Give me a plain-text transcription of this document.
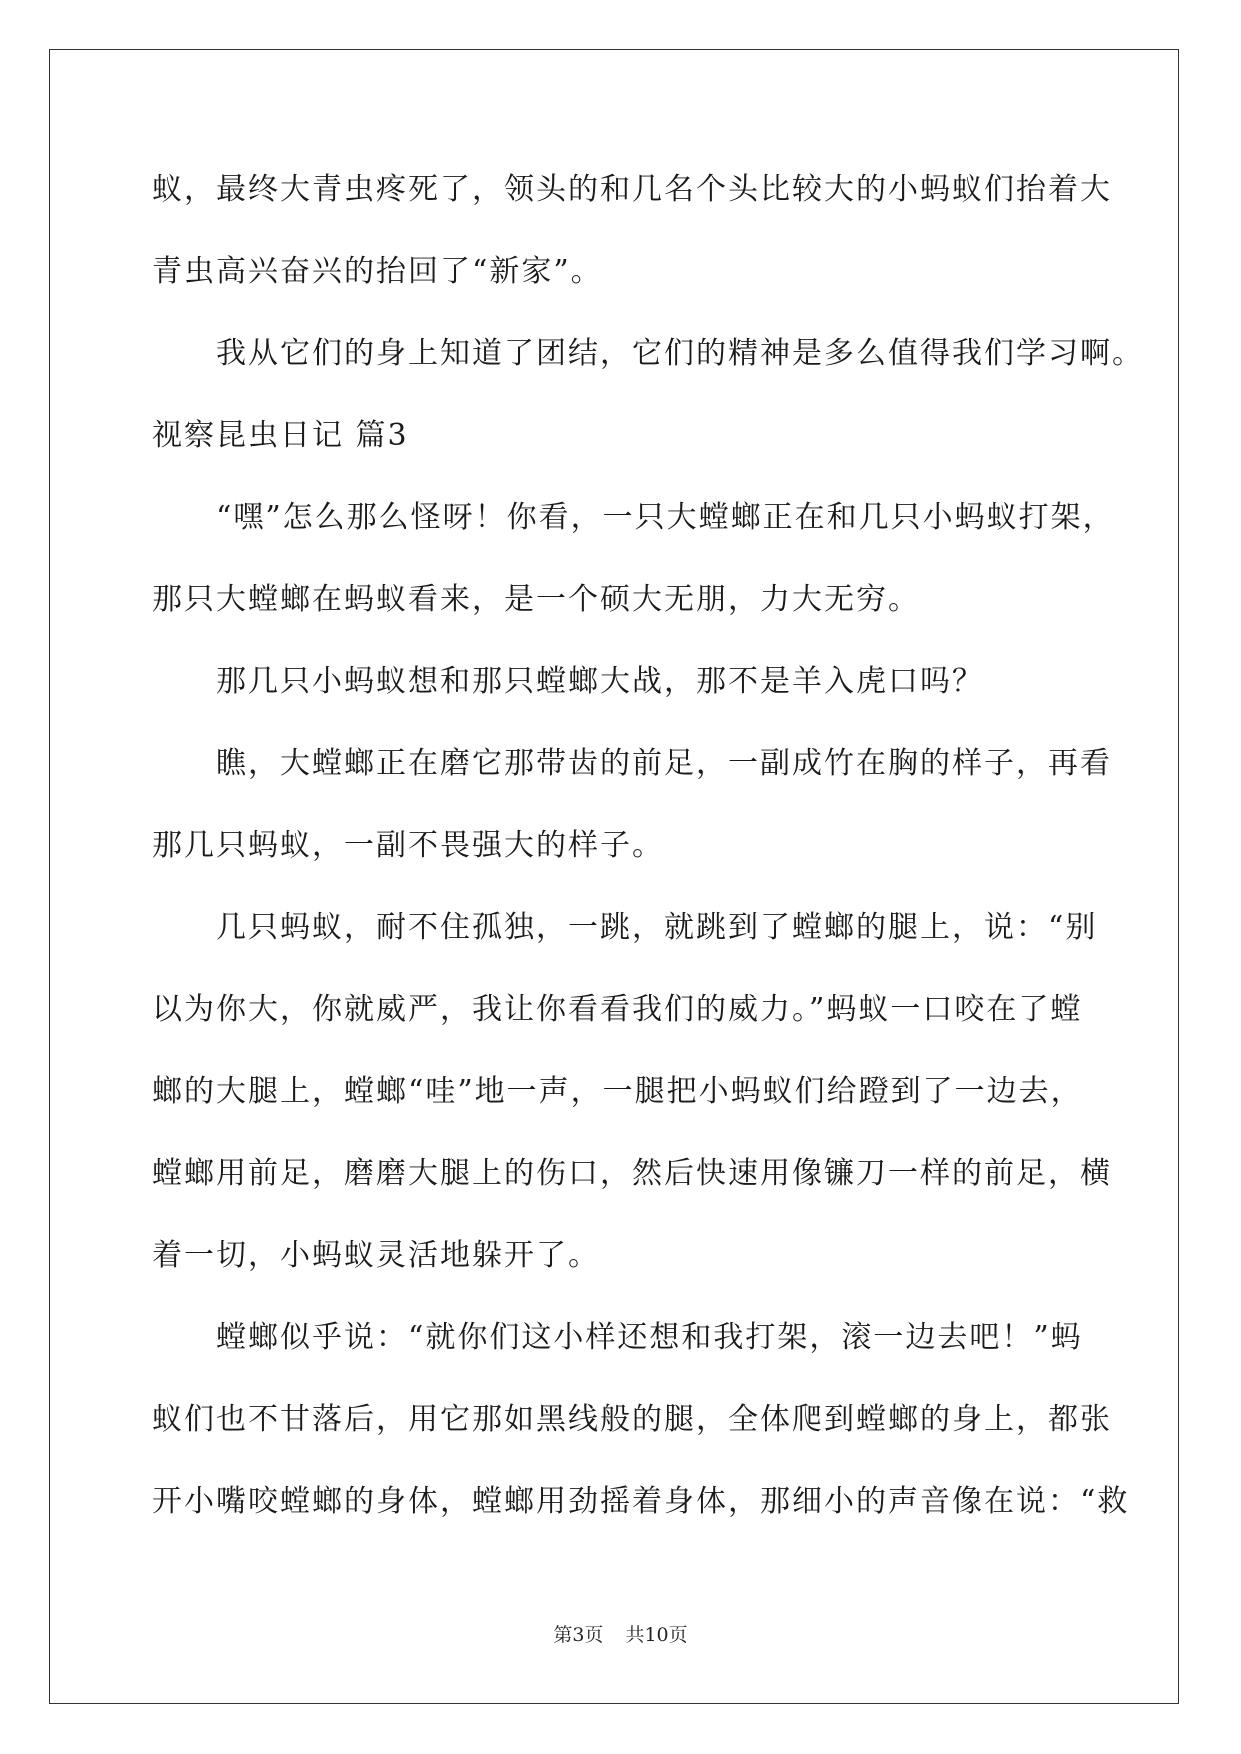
蚁，最终大青虫疼死了，领头的和几名个头比较大的小蚂蚁们抬着大
青虫高兴奋兴的抬回了“新家”。
我从它们的身上知道了团结，它们的精神是多么值得我们学习啊。
视察昆虫日记 篇3
“嘿”怎么那么怪呀！你看，一只大螳螂正在和几只小蚂蚁打架，
那只大螳螂在蚂蚁看来，是一个硕大无朋，力大无穷。
那几只小蚂蚁想和那只螳螂大战，那不是羊入虎口吗？
瞧，大螳螂正在磨它那带齿的前足，一副成竹在胸的样子，再看
那几只蚂蚁，一副不畏强大的样子。
几只蚂蚁，耐不住孤独，一跳，就跳到了螳螂的腿上，说：“别
以为你大，你就威严，我让你看看我们的威力。”蚂蚁一口咬在了螳
螂的大腿上，螳螂“哇”地一声，一腿把小蚂蚁们给蹬到了一边去，
螳螂用前足，磨磨大腿上的伤口，然后快速用像镰刀一样的前足，横
着一切，小蚂蚁灵活地躲开了。
螳螂似乎说：“就你们这小样还想和我打架，滚一边去吧！”蚂
蚁们也不甘落后，用它那如黑线般的腿，全体爬到螳螂的身上，都张
开小嘴咬螳螂的身体，螳螂用劲摇着身体，那细小的声音像在说：“救
第3页 共10页
